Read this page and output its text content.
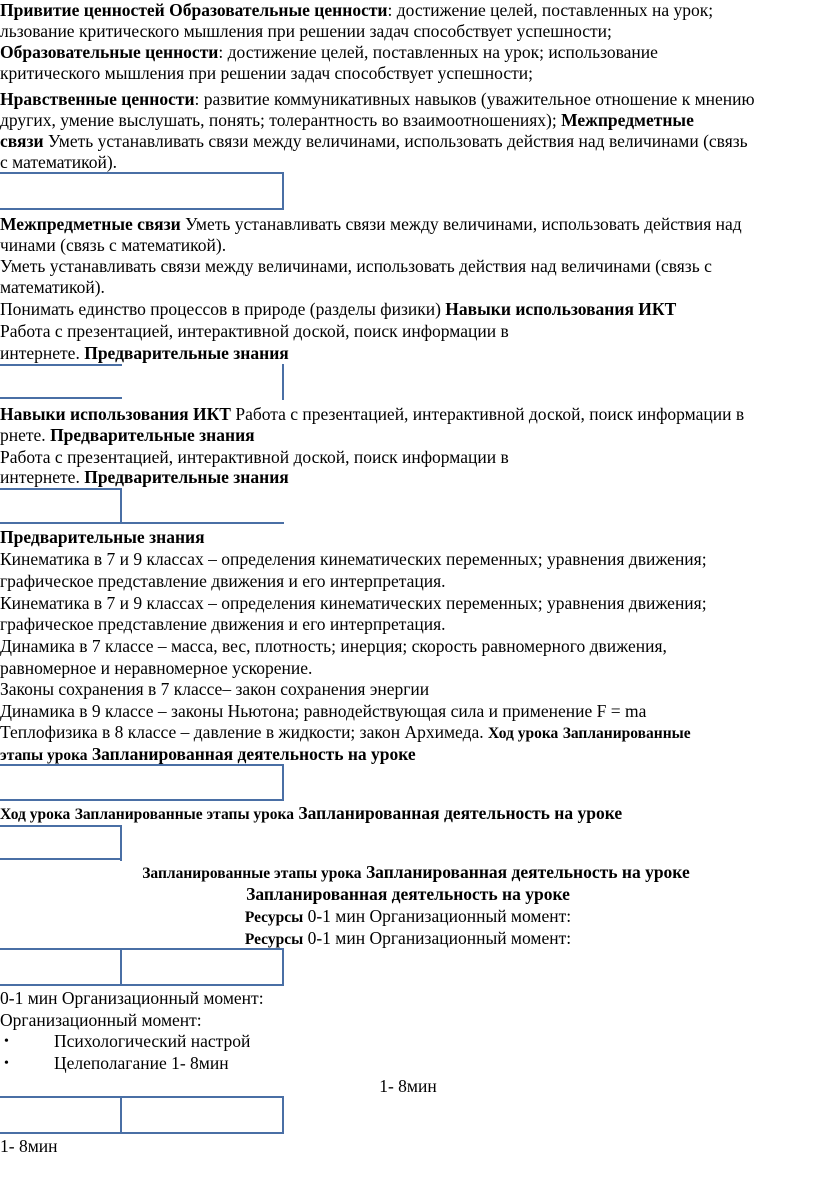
Привитие ценностей Образовательные ценности: достижение целей, поставленных на урок;
льзование критического мышления при решении задач способствует успешности;
Образовательные ценности: достижение целей, поставленных на урок; использование
критического мышления при решении задач способствует успешности;
Нравственные ценности: развитие коммуникативных навыков (уважительное отношение к мнению
других, умение выслушать, понять; толерантность во взаимоотношениях); Межпредметные
связи Уметь устанавливать связи между величинами, использовать действия над величинами (связь
с математикой).
Межпредметные связи Уметь устанавливать связи между величинами, использовать действия над
чинами (связь с математикой).
Уметь устанавливать связи между величинами, использовать действия над величинами (связь с
математикой).
Понимать единство процессов в природе (разделы физики) Навыки использования ИКТ
Работа с презентацией, интерактивной доской, поиск информации в
интернете. Предварительные знания
Навыки использования ИКТ Работа с презентацией, интерактивной доской, поиск информации в
рнете. Предварительные знания
Работа с презентацией, интерактивной доской, поиск информации в
интернете. Предварительные знания
Предварительные знания
Кинематика в 7 и 9 классах – определения кинематических переменных; уравнения движения;
графическое представление движения и его интерпретация.
Кинематика в 7 и 9 классах – определения кинематических переменных; уравнения движения;
графическое представление движения и его интерпретация.
Динамика в 7 классе – масса, вес, плотность; инерция; скорость равномерного движения,
равномерное и неравномерное ускорение.
Законы сохранения в 7 классе– закон сохранения энергии
Динамика в 9 классе – законы Ньютона; равнодействующая сила и применение F = ma
Теплофизика в 8 классе – давление в жидкости; закон Архимеда. Ход урока Запланированные
этапы урока Запланированная деятельность на уроке
Ход урока Запланированные этапы урока Запланированная деятельность на уроке
Запланированные этапы урока Запланированная деятельность на уроке
Запланированная деятельность на уроке
Ресурсы 0-1 мин Организационный момент:
Ресурсы 0-1 мин Организационный момент:
0-1 мин Организационный момент:
Организационный момент:
•	Психологический настрой
•	Целеполагание 1- 8мин
1- 8мин
1- 8мин
